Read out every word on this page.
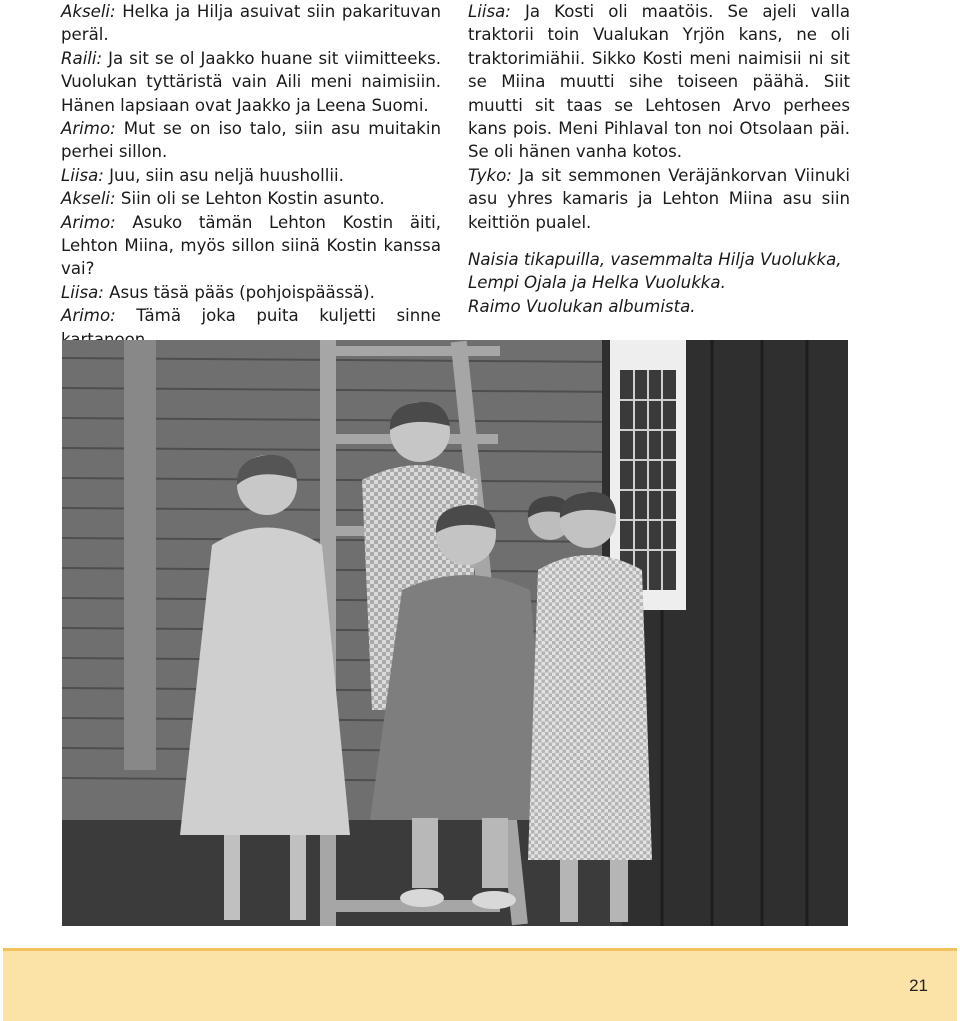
Akseli: Helka ja Hilja asuivat siin pakarituvan peräl.

Raili: Ja sit se ol Jaakko huane sit viimitteeks. Vuolukan tyttäristä vain Aili meni naimisiin. Hänen lapsiaan ovat Jaakko ja Leena Suomi.

Arimo: Mut se on iso talo, siin asu muitakin perhei sillon.

Liisa: Juu, siin asu neljä huushollii.

Akseli: Siin oli se Lehton Kostin asunto.

Arimo: Asuko tämän Lehton Kostin äiti, Lehton Miina, myös sillon siinä Kostin kanssa vai?

Liisa: Asus täsä pääs (pohjoispäässä).

Arimo: Tämä joka puita kuljetti sinne

Liisa: Ja Kosti oli maatöis. Se ajeli valla traktorii toin Vualukan Yrjön kans, ne oli traktorimiähii. Sikko Kosti meni naimisii ni sit se Miina muutti sihe toiseen päähä. Siit muutti sit taas se Lehtosen Arvo perhees kans pois. Meni Pihlaval ton noi Otsolaan päi. Se oli hänen vanha kotos.

Tyko: Ja sit semmonen Veräjänkorvan Viinuki asu yhres kamaris ja Lehton Miina asu siin keittiön pualel.

Naisia tikapuilla, vasemmalta Hilja Vuolukka, Lempi Ojala ja Helka Vuolukka.

Raimo Vuolukan albumista.

21
